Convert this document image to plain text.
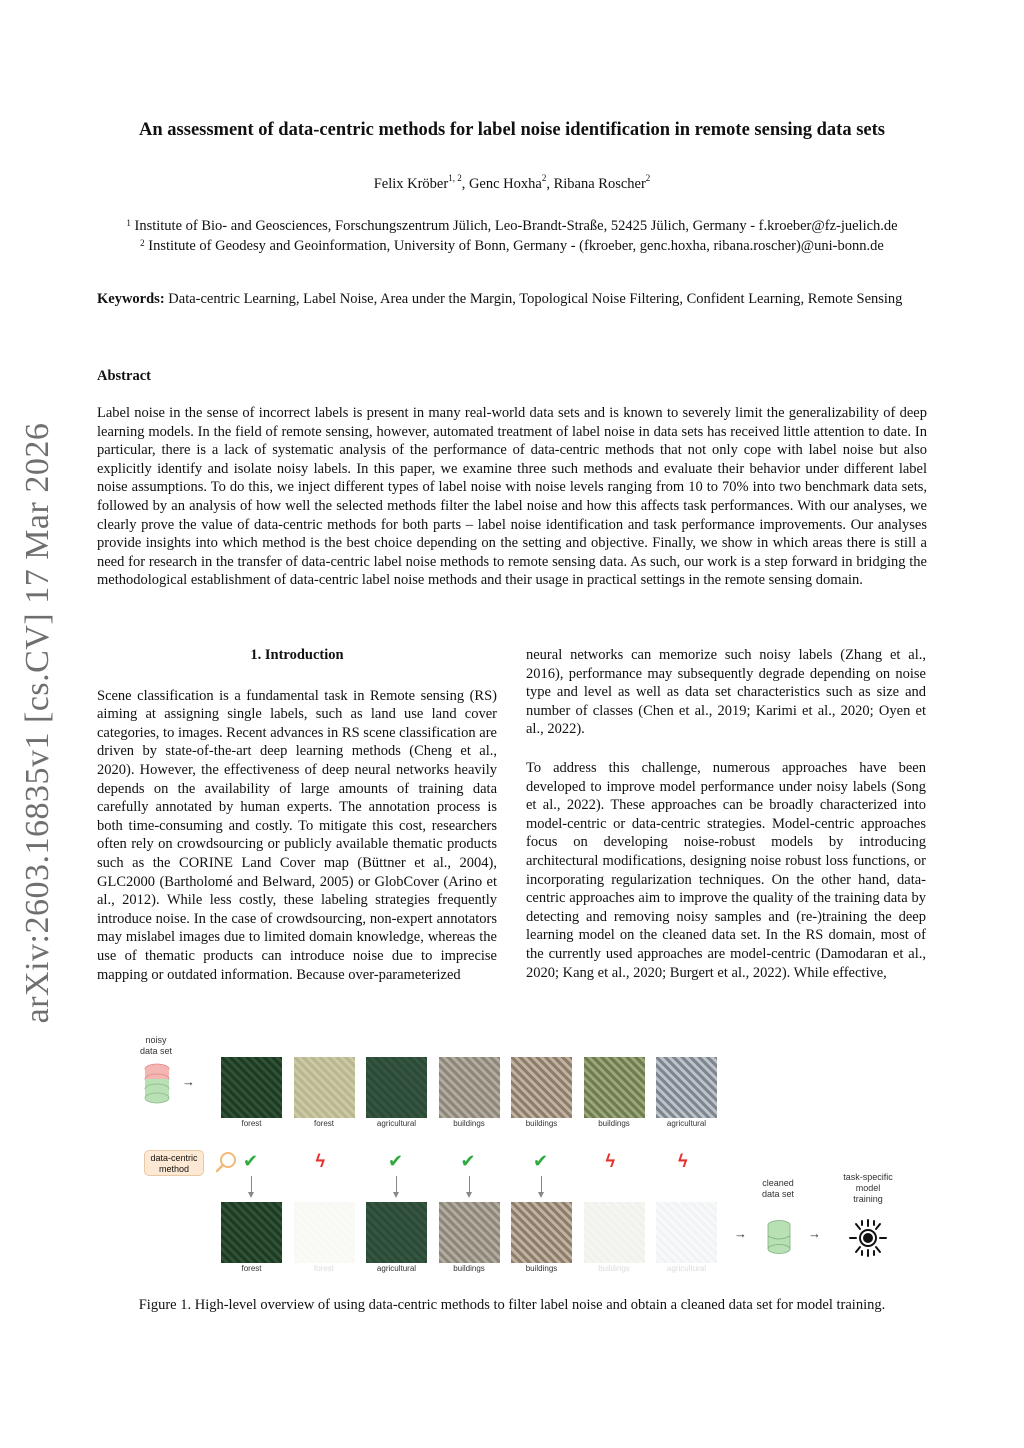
arXiv:2603.16835v1 [cs.CV] 17 Mar 2026
An assessment of data-centric methods for label noise identification in remote sensing data sets
Felix Kröber$^{1, 2}$, Genc Hoxha$^2$, Ribana Roscher$^2$
$^1$ Institute of Bio- and Geosciences, Forschungszentrum Jülich, Leo-Brandt-Straße, 52425 Jülich, Germany - f.kroeber@fz-juelich.de
$^2$ Institute of Geodesy and Geoinformation, University of Bonn, Germany - (fkroeber, genc.hoxha, ribana.roscher)@uni-bonn.de
Keywords: Data-centric Learning, Label Noise, Area under the Margin, Topological Noise Filtering, Confident Learning, Remote Sensing
Abstract
Label noise in the sense of incorrect labels is present in many real-world data sets and is known to severely limit the generalizability of deep learning models. In the field of remote sensing, however, automated treatment of label noise in data sets has received little attention to date. In particular, there is a lack of systematic analysis of the performance of data-centric methods that not only cope with label noise but also explicitly identify and isolate noisy labels. In this paper, we examine three such methods and evaluate their behavior under different label noise assumptions. To do this, we inject different types of label noise with noise levels ranging from 10 to 70% into two benchmark data sets, followed by an analysis of how well the selected methods filter the label noise and how this affects task performances. With our analyses, we clearly prove the value of data-centric methods for both parts – label noise identification and task performance improvements. Our analyses provide insights into which method is the best choice depending on the setting and objective. Finally, we show in which areas there is still a need for research in the transfer of data-centric label noise methods to remote sensing data. As such, our work is a step forward in bridging the methodological establishment of data-centric label noise methods and their usage in practical settings in the remote sensing domain.
1. Introduction

Scene classification is a fundamental task in Remote sensing (RS) aiming at assigning single labels, such as land use land cover categories, to images. Recent advances in RS scene classification are driven by state-of-the-art deep learning methods (Cheng et al., 2020). However, the effectiveness of deep neural networks heavily depends on the availability of large amounts of training data carefully annotated by human experts. The annotation process is both time-consuming and costly. To mitigate this cost, researchers often rely on crowdsourcing or publicly available thematic products such as the CORINE Land Cover map (Büttner et al., 2004), GLC2000 (Bartholomé and Belward, 2005) or GlobCover (Arino et al., 2012). While less costly, these labeling strategies frequently introduce noise. In the case of crowdsourcing, non-expert annotators may mislabel images due to limited domain knowledge, whereas the use of thematic products can introduce noise due to imprecise mapping or outdated information. Because over-parameterized

neural networks can memorize such noisy labels (Zhang et al., 2016), performance may subsequently degrade depending on noise type and level as well as data set characteristics such as size and number of classes (Chen et al., 2019; Karimi et al., 2020; Oyen et al., 2022).

To address this challenge, numerous approaches have been developed to improve model performance under noisy labels (Song et al., 2022). These approaches can be broadly characterized into model-centric or data-centric strategies. Model-centric approaches focus on developing noise-robust models by introducing architectural modifications, designing noise robust loss functions, or incorporating regularization techniques. On the other hand, data-centric approaches aim to improve the quality of the training data by detecting and removing noisy samples and (re-)training the deep learning model on the cleaned data set. In the RS domain, most of the currently used approaches are model-centric (Damodaran et al., 2020; Kang et al., 2020; Burgert et al., 2022). While effective,

noisy
data set
→
data-centric
method
forest
✔
forest
forest
ϟ
forest
agricultural
✔
agricultural
buildings
✔
buildings
buildings
✔
buildings
buildings
ϟ
buildings
agricultural
ϟ
agricultural
cleaned
data set
→	→
task-specific
model
training
Figure 1. High-level overview of using data-centric methods to filter label noise and obtain a cleaned data set for model training.
